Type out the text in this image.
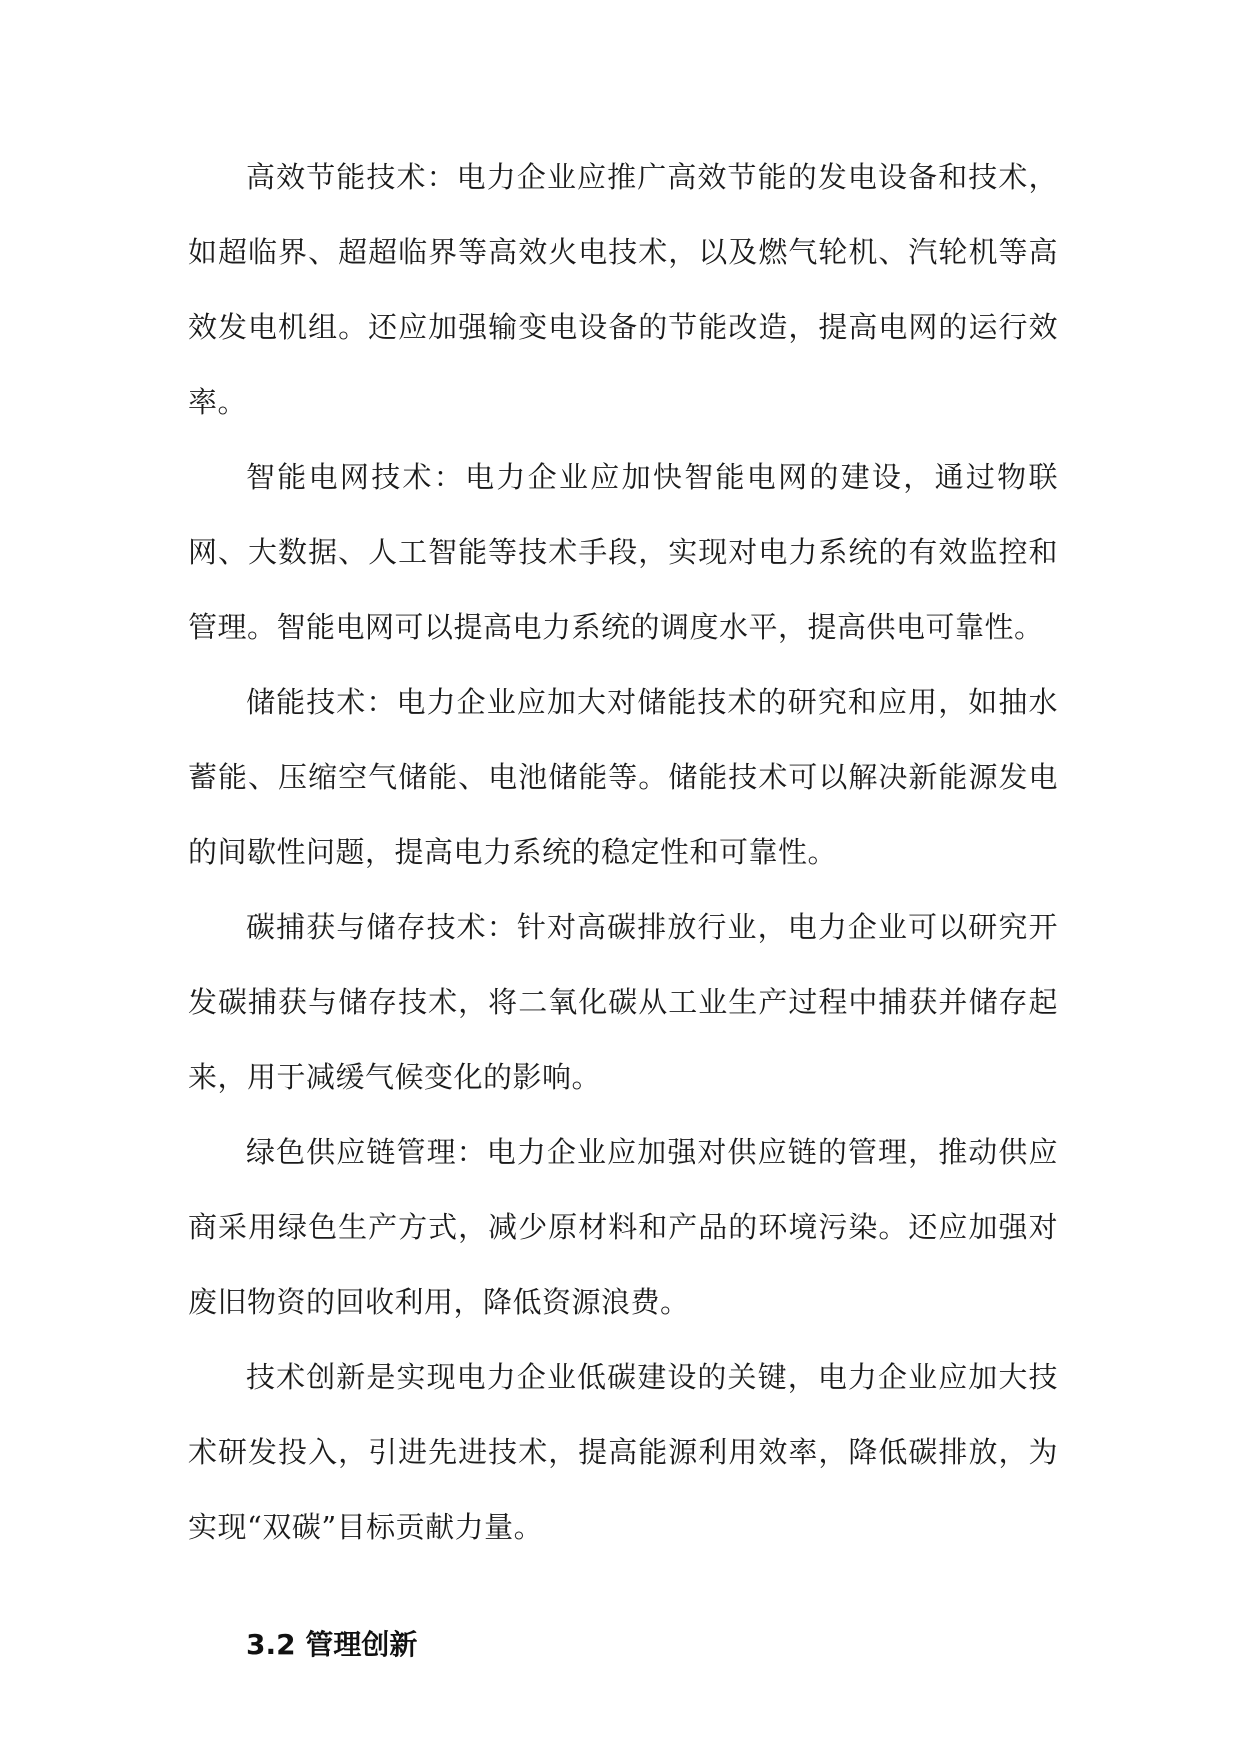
高效节能技术：电力企业应推广高效节能的发电设备和技术，如超临界、超超临界等高效火电技术，以及燃气轮机、汽轮机等高效发电机组。还应加强输变电设备的节能改造，提高电网的运行效率。

智能电网技术：电力企业应加快智能电网的建设，通过物联网、大数据、人工智能等技术手段，实现对电力系统的有效监控和管理。智能电网可以提高电力系统的调度水平，提高供电可靠性。

储能技术：电力企业应加大对储能技术的研究和应用，如抽水蓄能、压缩空气储能、电池储能等。储能技术可以解决新能源发电的间歇性问题，提高电力系统的稳定性和可靠性。

碳捕获与储存技术：针对高碳排放行业，电力企业可以研究开发碳捕获与储存技术，将二氧化碳从工业生产过程中捕获并储存起来，用于减缓气候变化的影响。

绿色供应链管理：电力企业应加强对供应链的管理，推动供应商采用绿色生产方式，减少原材料和产品的环境污染。还应加强对废旧物资的回收利用，降低资源浪费。

技术创新是实现电力企业低碳建设的关键，电力企业应加大技术研发投入，引进先进技术，提高能源利用效率，降低碳排放，为实现“双碳”目标贡献力量。

3.2 管理创新
